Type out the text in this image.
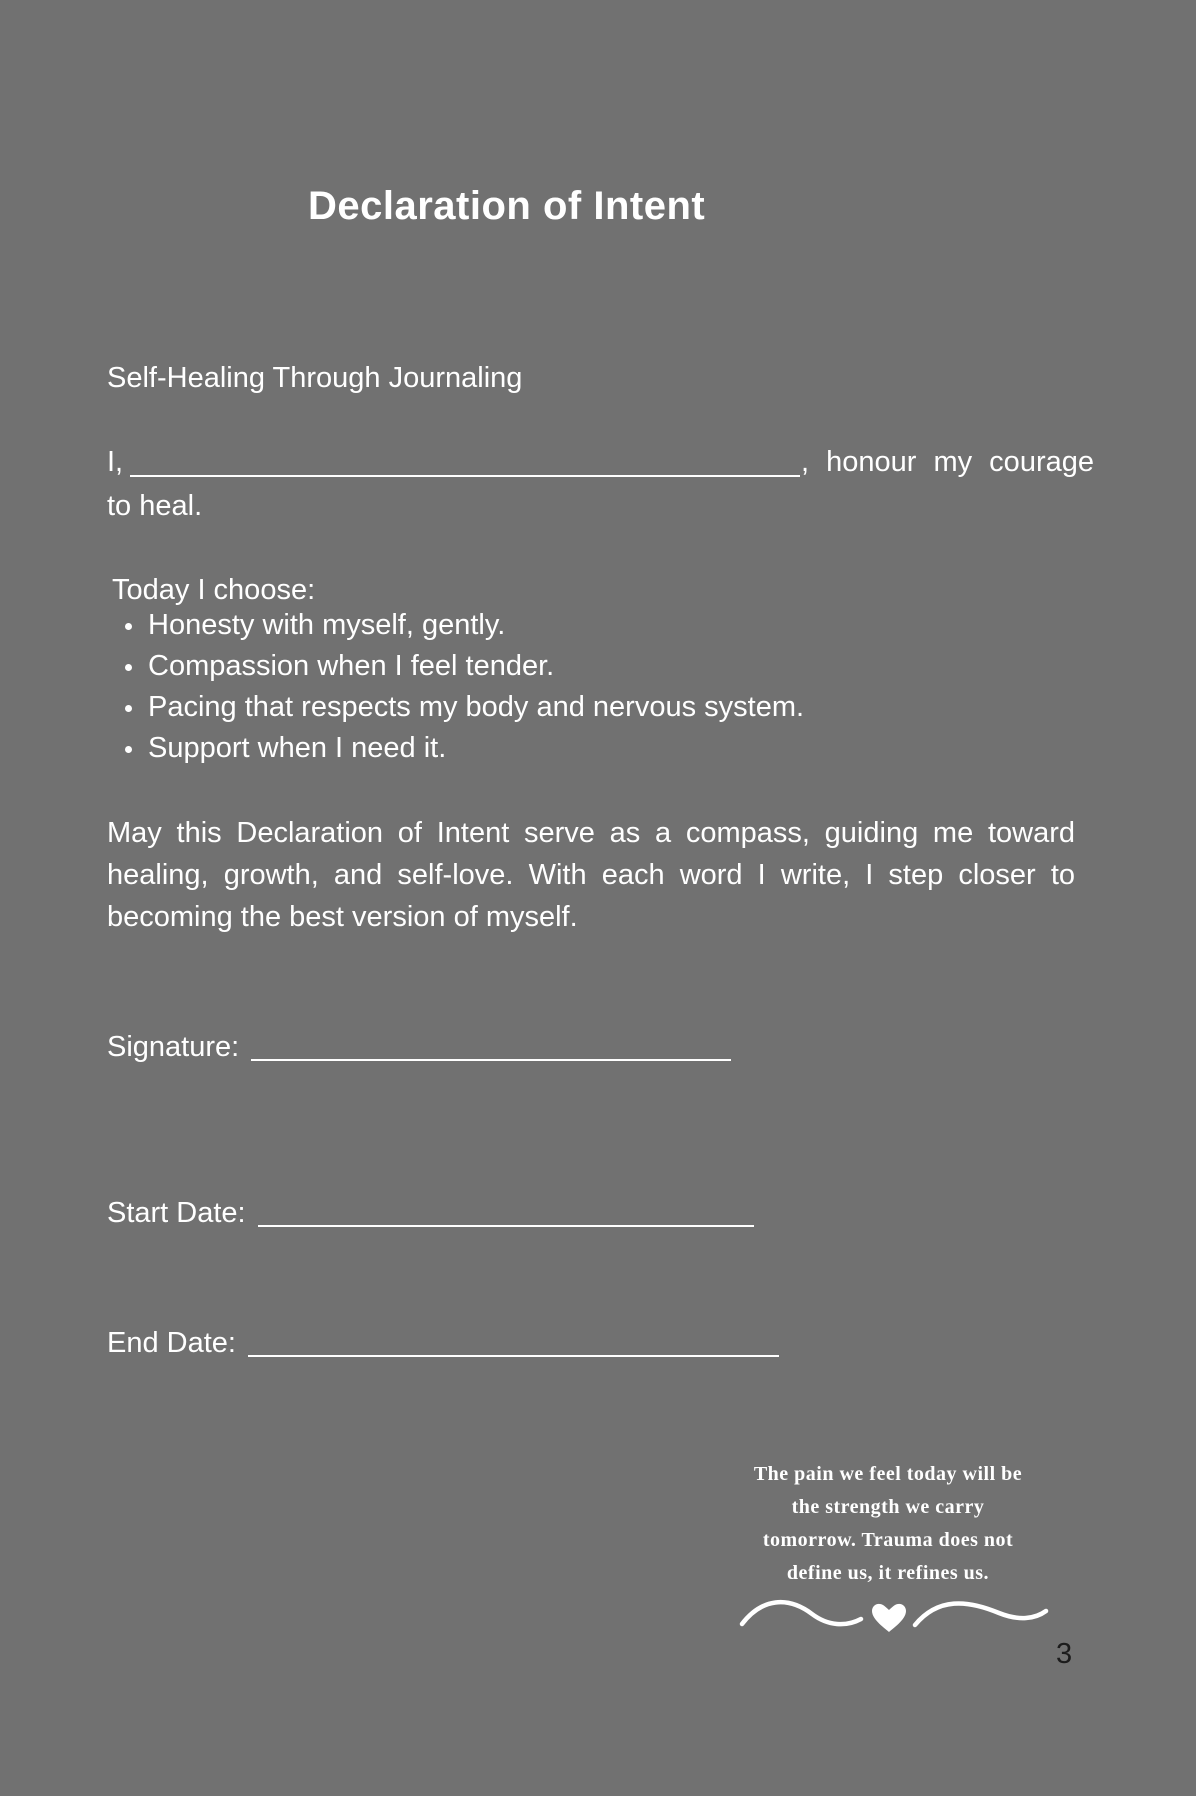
Declaration of Intent
Self-Healing Through Journaling
I,	, honour my courage
to heal.
Today I choose:
Honesty with myself, gently.
Compassion when I feel tender.
Pacing that respects my body and nervous system.
Support when I need it.

May this Declaration of Intent serve as a compass, guiding me toward healing, growth, and self-love. With each word I write, I step closer to becoming the best version of myself.

Signature:
Start Date:
End Date:
The pain we feel today will be
the strength we carry
tomorrow. Trauma does not
define us, it refines us.
3
